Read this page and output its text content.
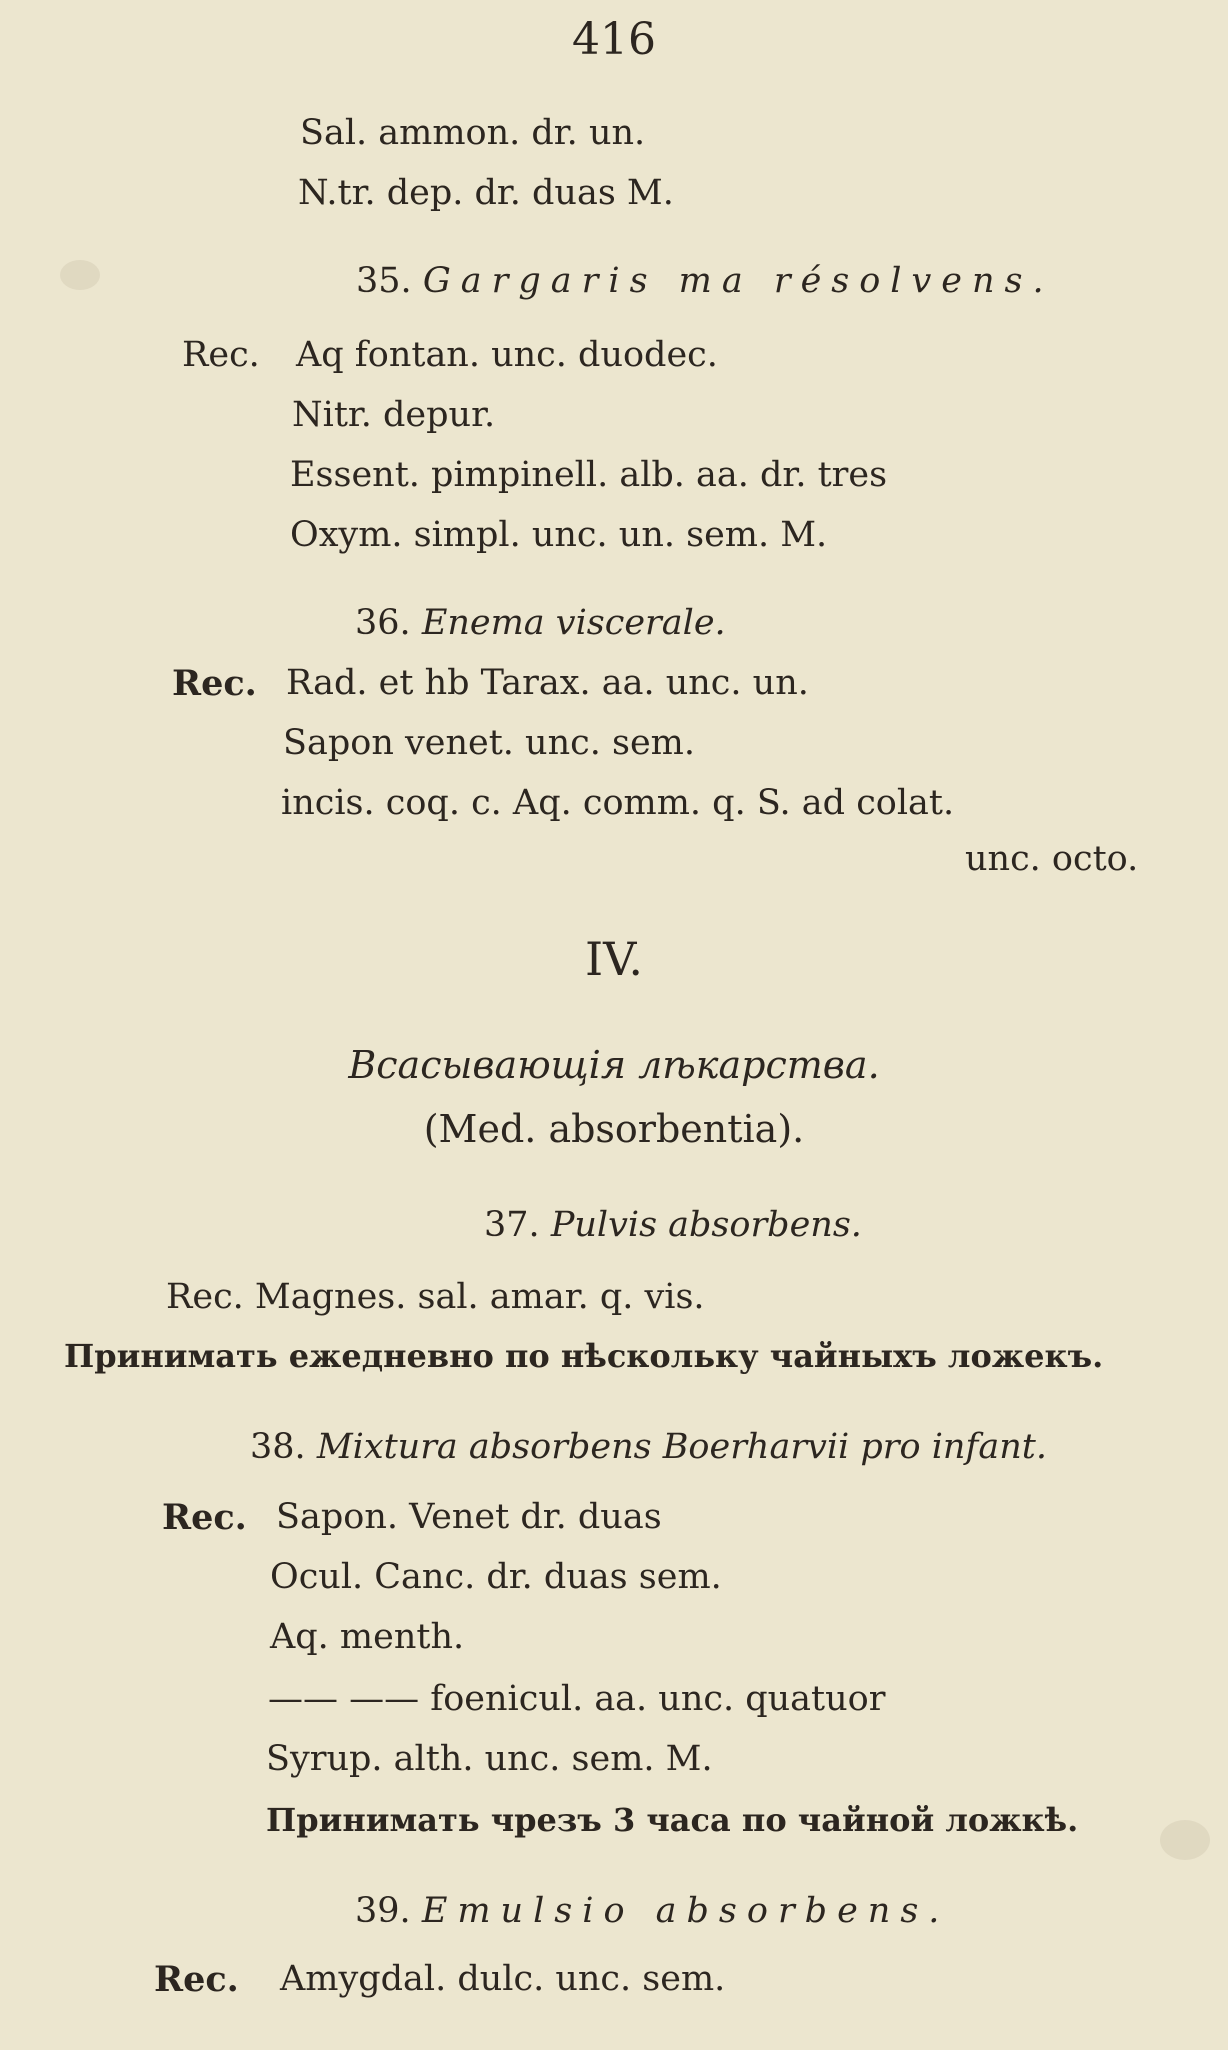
416
Sal. ammon. dr. un.
N.tr. dep. dr. duas M.
35. Gargaris ma résolvens.
Rec. Aq fontan. unc. duodec.
Nitr. depur.
Essent. pimpinell. alb. aa. dr. tres
Oxym. simpl. unc. un. sem. M.
36. Enema viscerale.
Rec. Rad. et hb Tarax. aa. unc. un.
Sapon venet. unc. sem.
incis. coq. c. Aq. comm. q. S. ad colat.
unc. octo.
IV.
Всасывающія лѣкарства.
(Med. absorbentia).
37. Pulvis absorbens.
Rec. Magnes. sal. amar. q. vis.
Принимать ежедневно по нѣскольку чайныхъ ложекъ.
38. Mixtura absorbens Boerharvii pro infant.
Rec. Sapon. Venet dr. duas
Ocul. Canc. dr. duas sem.
Aq. menth.
—— —— foenicul. aa. unc. quatuor
Syrup. alth. unc. sem. M.
Принимать чрезъ 3 часа по чайной ложкѣ.
39. Emulsio absorbens.
Rec. Amygdal. dulc. unc. sem.
